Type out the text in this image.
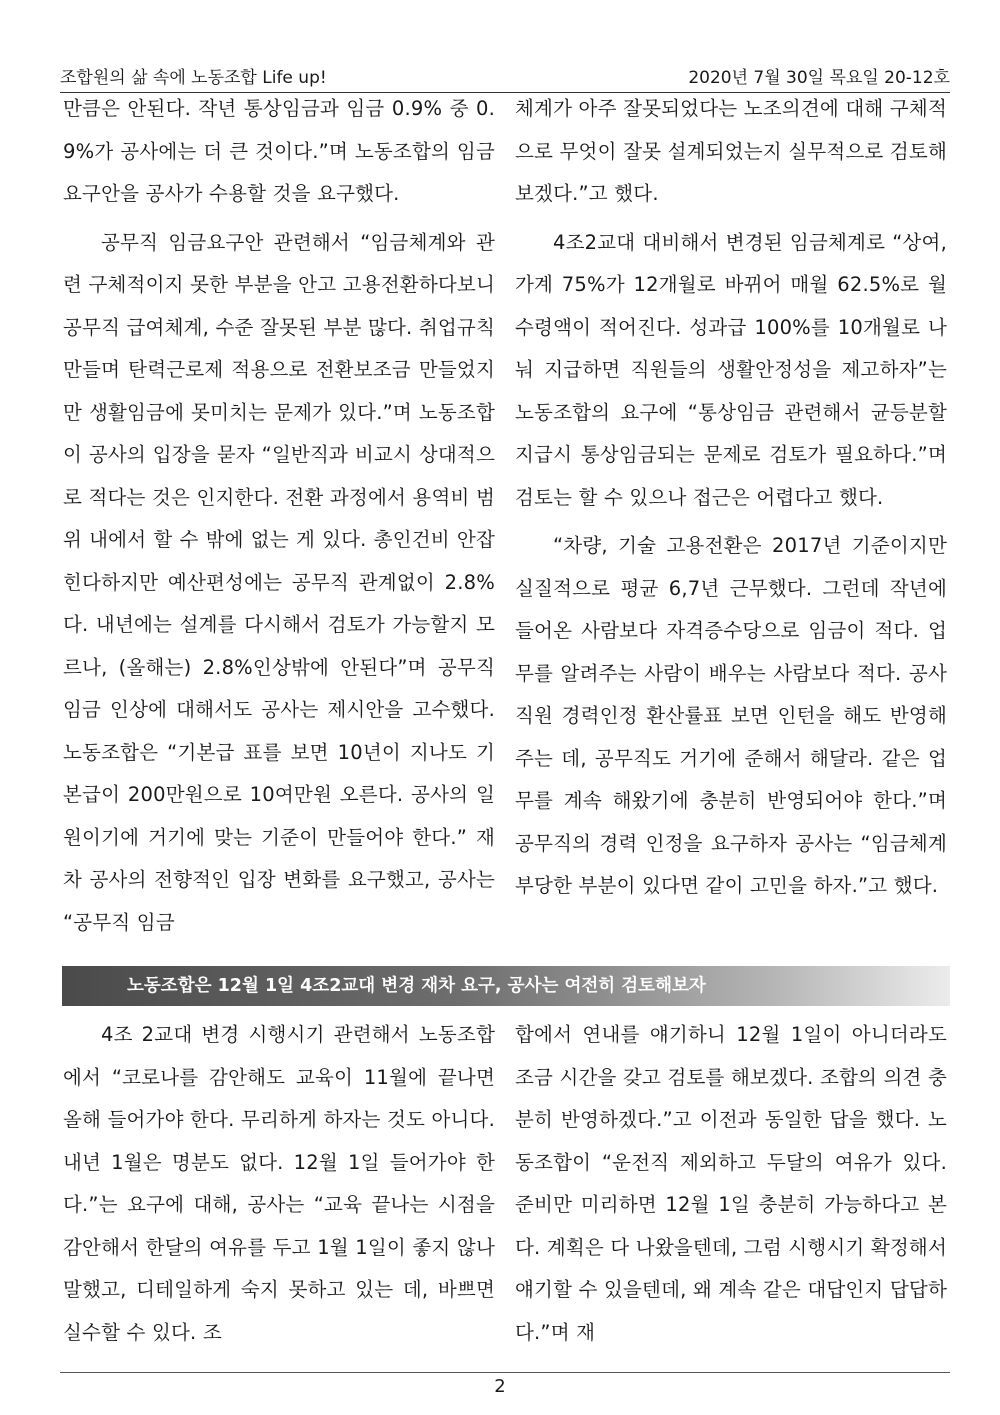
조합원의 삶 속에 노동조합 Life up!	2020년 7월 30일 목요일 20-12호

만큼은 안된다. 작년 통상임금과 임금 0.9% 중 0.9%가 공사에는 더 큰 것이다.”며 노동조합의 임금 요구안을 공사가 수용할 것을 요구했다.

공무직 임금요구안 관련해서 “임금체계와 관련 구체적이지 못한 부분을 안고 고용전환하다보니 공무직 급여체계, 수준 잘못된 부분 많다. 취업규칙만들며 탄력근로제 적용으로 전환보조금 만들었지만 생활임금에 못미치는 문제가 있다.”며 노동조합이 공사의 입장을 묻자 “일반직과 비교시 상대적으로 적다는 것은 인지한다. 전환 과정에서 용역비 범위 내에서 할 수 밖에 없는 게 있다. 총인건비 안잡힌다하지만 예산편성에는 공무직 관계없이 2.8%다. 내년에는 설계를 다시해서 검토가 가능할지 모르나, (올해는) 2.8%인상밖에 안된다”며 공무직 임금 인상에 대해서도 공사는 제시안을 고수했다. 노동조합은 “기본급 표를 보면 10년이 지나도 기본급이 200만원으로 10여만원 오른다. 공사의 일원이기에 거기에 맞는 기준이 만들어야 한다.” 재차 공사의 전향적인 입장 변화를 요구했고, 공사는 “공무직 임금

체계가 아주 잘못되었다는 노조의견에 대해 구체적으로 무엇이 잘못 설계되었는지 실무적으로 검토해 보겠다.”고 했다.

4조2교대 대비해서 변경된 임금체계로 “상여,가계 75%가 12개월로 바뀌어 매월 62.5%로 월 수령액이 적어진다. 성과급 100%를 10개월로 나눠 지급하면 직원들의 생활안정성을 제고하자”는 노동조합의 요구에 “통상임금 관련해서 균등분할 지급시 통상임금되는 문제로 검토가 필요하다.”며 검토는 할 수 있으나 접근은 어렵다고 했다.

“차량, 기술 고용전환은 2017년 기준이지만 실질적으로 평균 6,7년 근무했다. 그런데 작년에 들어온 사람보다 자격증수당으로 임금이 적다. 업무를 알려주는 사람이 배우는 사람보다 적다. 공사직원 경력인정 환산률표 보면 인턴을 해도 반영해주는 데, 공무직도 거기에 준해서 해달라. 같은 업무를 계속 해왔기에 충분히 반영되어야 한다.”며 공무직의 경력 인정을 요구하자 공사는 “임금체계 부당한 부분이 있다면 같이 고민을 하자.”고 했다.

노동조합은 12월 1일 4조2교대 변경 재차 요구, 공사는 여전히 검토해보자

4조 2교대 변경 시행시기 관련해서 노동조합에서 “코로나를 감안해도 교육이 11월에 끝나면 올해 들어가야 한다. 무리하게 하자는 것도 아니다. 내년 1월은 명분도 없다. 12월 1일 들어가야 한다.”는 요구에 대해, 공사는 “교육 끝나는 시점을 감안해서 한달의 여유를 두고 1월 1일이 좋지 않나 말했고, 디테일하게 숙지 못하고 있는 데, 바쁘면 실수할 수 있다. 조

합에서 연내를 얘기하니 12월 1일이 아니더라도 조금 시간을 갖고 검토를 해보겠다. 조합의 의견 충분히 반영하겠다.”고 이전과 동일한 답을 했다. 노동조합이 “운전직 제외하고 두달의 여유가 있다. 준비만 미리하면 12월 1일 충분히 가능하다고 본다. 계획은 다 나왔을텐데, 그럼 시행시기 확정해서 얘기할 수 있을텐데, 왜 계속 같은 대답인지 답답하다.”며 재

2
